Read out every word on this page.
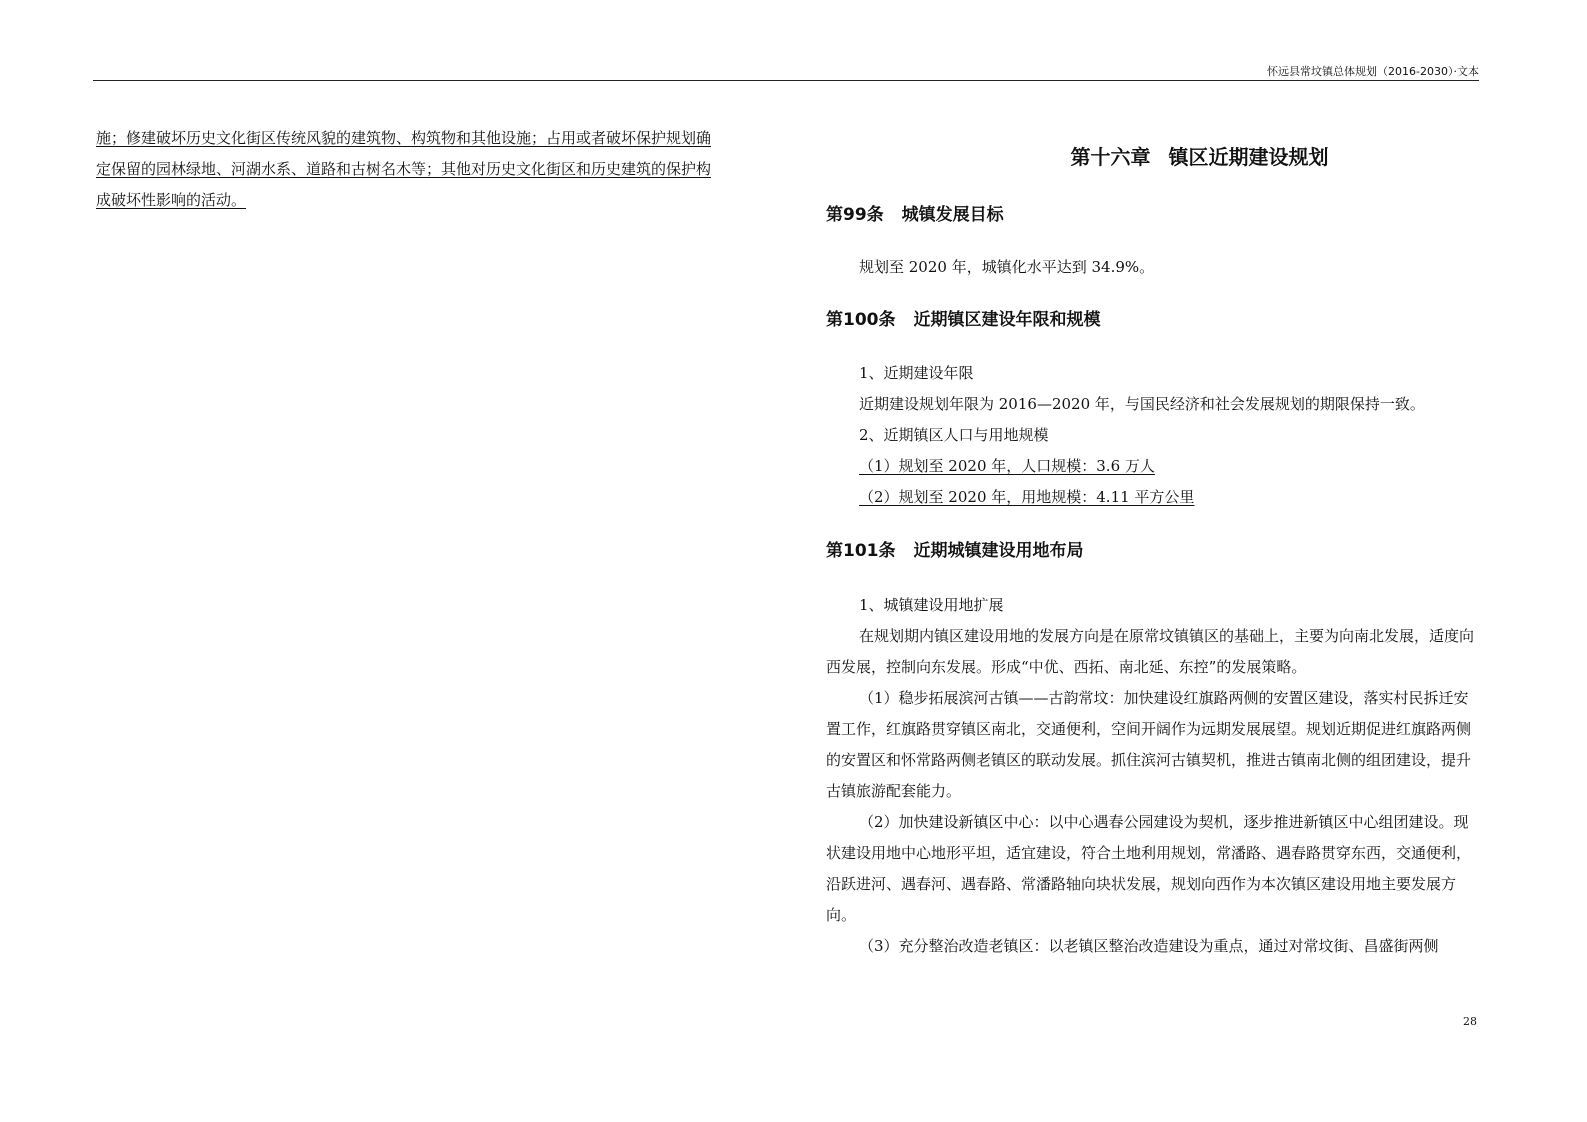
怀远县常坟镇总体规划（2016-2030）·文本
施；修建破坏历史文化街区传统风貌的建筑物、构筑物和其他设施；占用或者破坏保护规划确
定保留的园林绿地、河湖水系、道路和古树名木等；其他对历史文化街区和历史建筑的保护构
成破坏性影响的活动。
第十六章 镇区近期建设规划
第99条 城镇发展目标

规划至 2020 年，城镇化水平达到 34.9%。

第100条 近期镇区建设年限和规模

1、近期建设年限

近期建设规划年限为 2016—2020 年，与国民经济和社会发展规划的期限保持一致。

2、近期镇区人口与用地规模

（1）规划至 2020 年，人口规模：3.6 万人

（2）规划至 2020 年，用地规模：4.11 平方公里

第101条 近期城镇建设用地布局

1、城镇建设用地扩展

在规划期内镇区建设用地的发展方向是在原常坟镇镇区的基础上，主要为向南北发展，适度向西发展，控制向东发展。形成“中优、西拓、南北延、东控”的发展策略。

（1）稳步拓展滨河古镇——古韵常坟：加快建设红旗路两侧的安置区建设，落实村民拆迁安置工作，红旗路贯穿镇区南北，交通便利，空间开阔作为远期发展展望。规划近期促进红旗路两侧的安置区和怀常路两侧老镇区的联动发展。抓住滨河古镇契机，推进古镇南北侧的组团建设，提升古镇旅游配套能力。

（2）加快建设新镇区中心：以中心遇春公园建设为契机，逐步推进新镇区中心组团建设。现状建设用地中心地形平坦，适宜建设，符合土地利用规划，常潘路、遇春路贯穿东西，交通便利，沿跃进河、遇春河、遇春路、常潘路轴向块状发展，规划向西作为本次镇区建设用地主要发展方向。

（3）充分整治改造老镇区：以老镇区整治改造建设为重点，通过对常坟街、昌盛街两侧

28
